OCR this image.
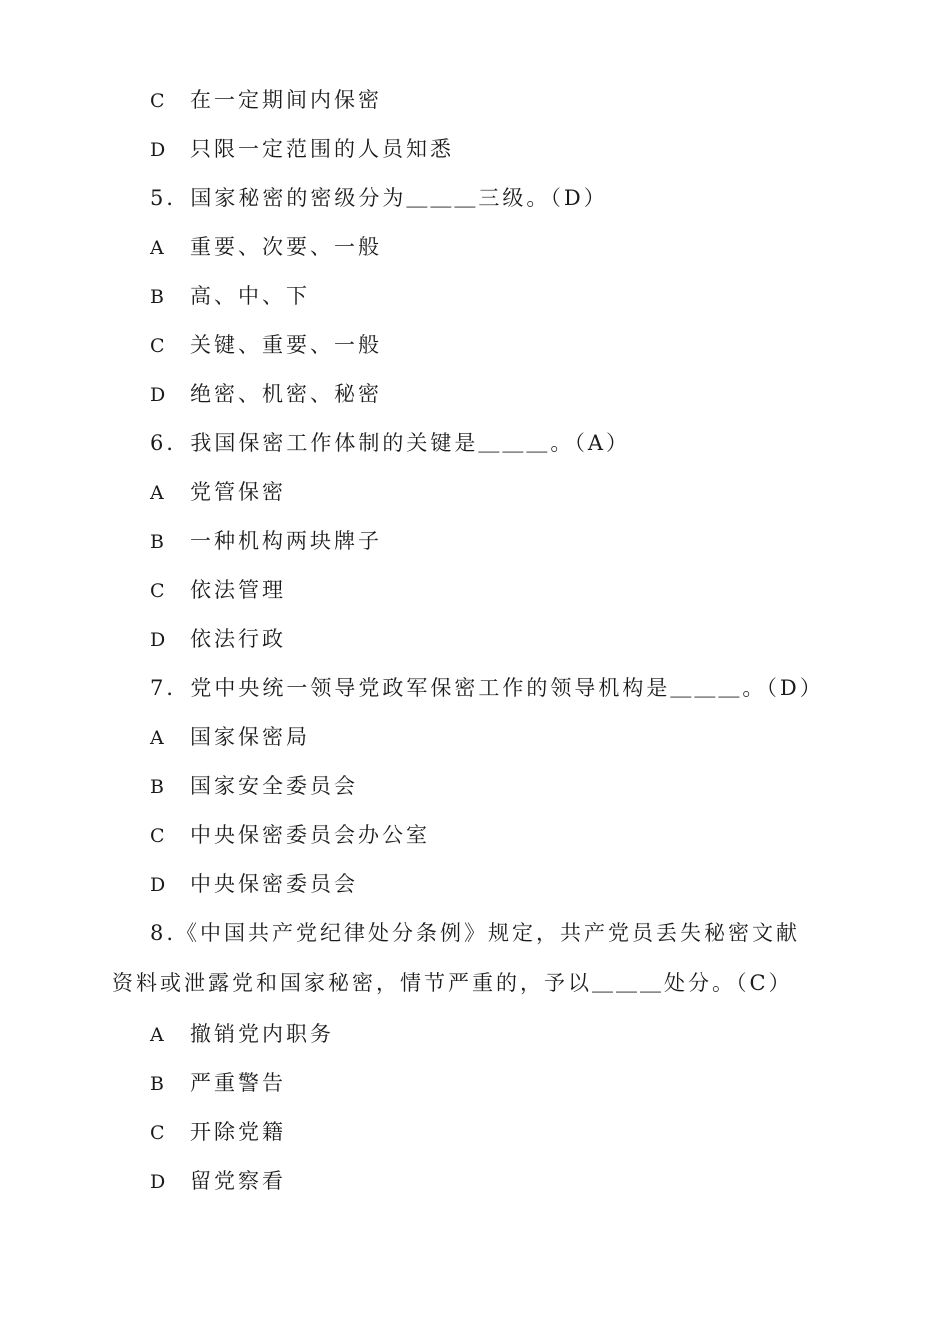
C 在一定期间内保密
D 只限一定范围的人员知悉
5．国家秘密的密级分为＿＿＿三级。（D）
A 重要、次要、一般
B 高、中、下
C 关键、重要、一般
D 绝密、机密、秘密
6．我国保密工作体制的关键是＿＿＿。（A）
A 党管保密
B 一种机构两块牌子
C 依法管理
D 依法行政
7．党中央统一领导党政军保密工作的领导机构是＿＿＿。（D）
A 国家保密局
B 国家安全委员会
C 中央保密委员会办公室
D 中央保密委员会
8.《中国共产党纪律处分条例》规定，共产党员丢失秘密文献
资料或泄露党和国家秘密，情节严重的，予以＿＿＿处分。（C）
A 撤销党内职务
B 严重警告
C 开除党籍
D 留党察看
